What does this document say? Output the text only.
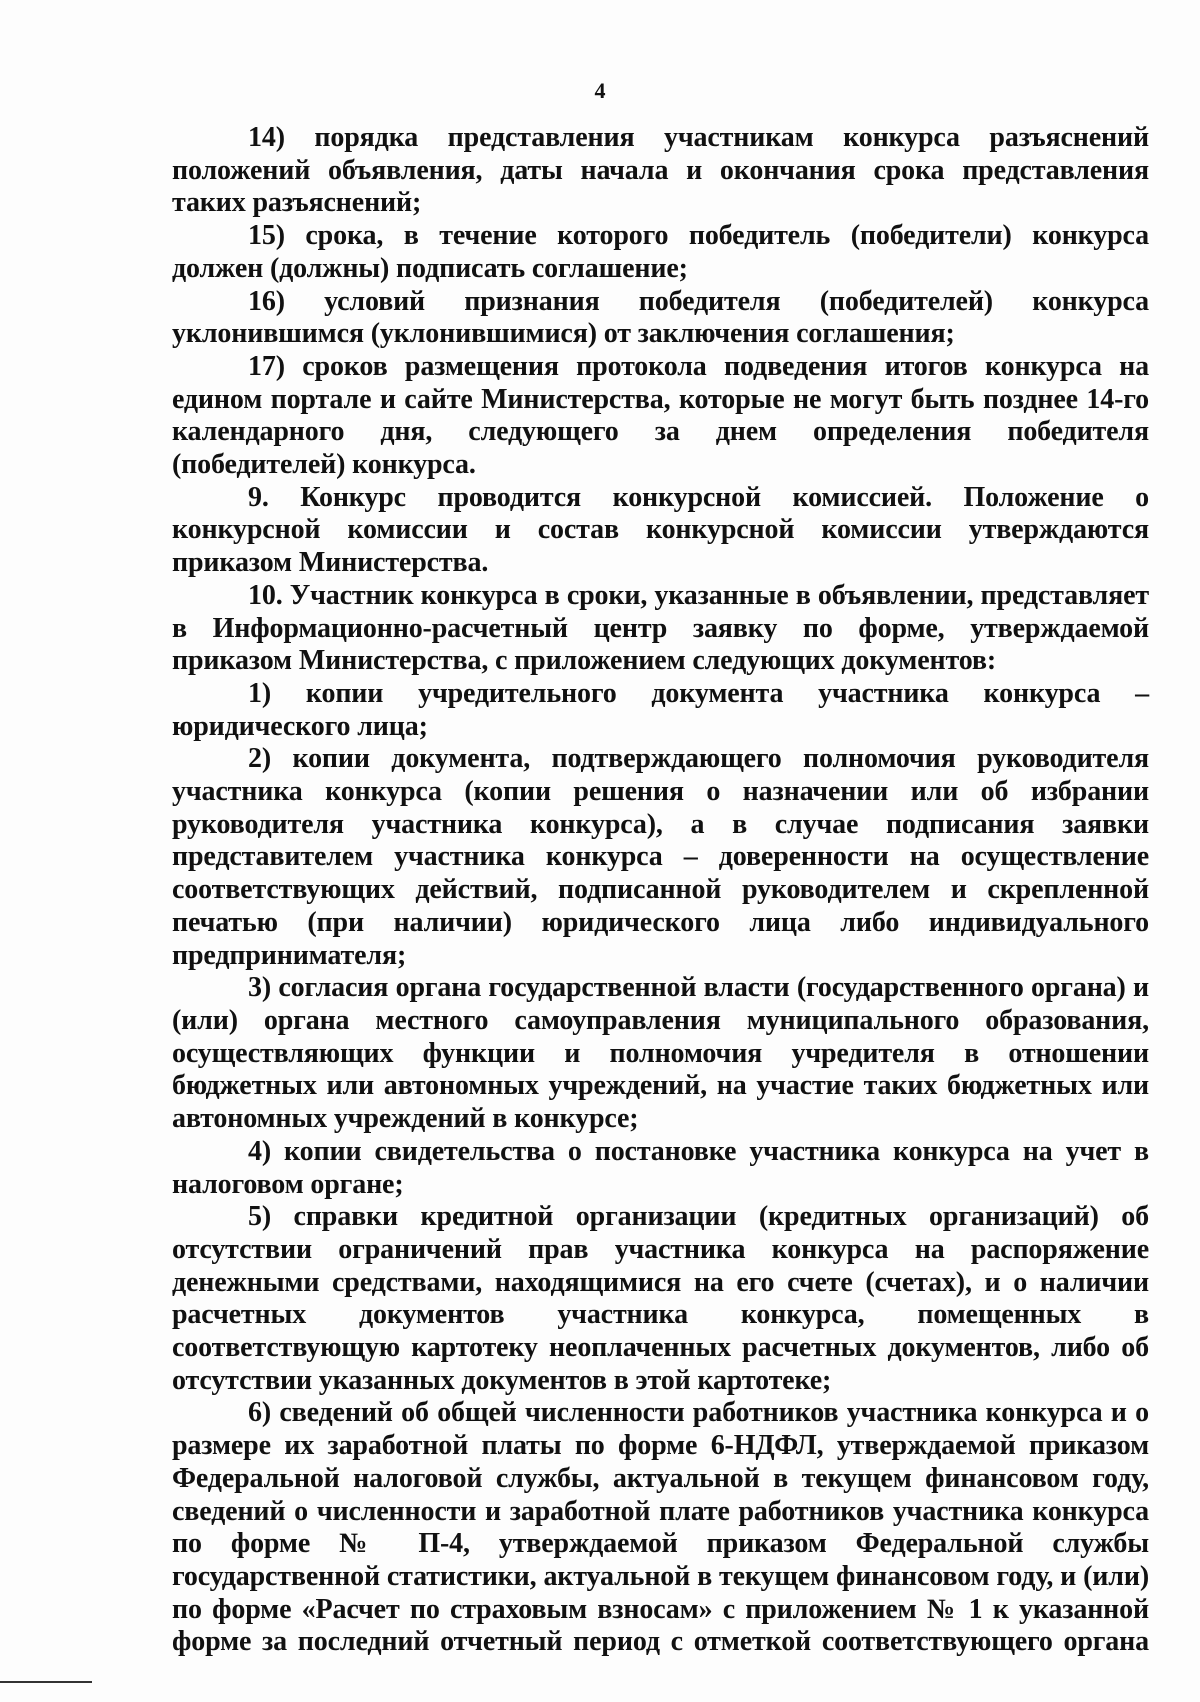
4

14) порядка представления участникам конкурса разъяснений положений объявления, даты начала и окончания срока представления таких разъяснений;

15) срока, в течение которого победитель (победители) конкурса должен (должны) подписать соглашение;

16) условий признания победителя (победителей) конкурса уклонившимся (уклонившимися) от заключения соглашения;

17) сроков размещения протокола подведения итогов конкурса на едином портале и сайте Министерства, которые не могут быть позднее 14-го календарного дня, следующего за днем определения победителя (победителей) конкурса.

9. Конкурс проводится конкурсной комиссией. Положение о конкурсной комиссии и состав конкурсной комиссии утверждаются приказом Министерства.

10. Участник конкурса в сроки, указанные в объявлении, представляет в Информационно-расчетный центр заявку по форме, утверждаемой приказом Министерства, с приложением следующих документов:

1) копии учредительного документа участника конкурса – юридического лица;

2) копии документа, подтверждающего полномочия руководителя участника конкурса (копии решения о назначении или об избрании руководителя участника конкурса), а в случае подписания заявки представителем участника конкурса – доверенности на осуществление соответствующих действий, подписанной руководителем и скрепленной печатью (при наличии) юридического лица либо индивидуального предпринимателя;

3) согласия органа государственной власти (государственного органа) и (или) органа местного самоуправления муниципального образования, осуществляющих функции и полномочия учредителя в отношении бюджетных или автономных учреждений, на участие таких бюджетных или автономных учреждений в конкурсе;

4) копии свидетельства о постановке участника конкурса на учет в налоговом органе;

5) справки кредитной организации (кредитных организаций) об отсутствии ограничений прав участника конкурса на распоряжение денежными средствами, находящимися на его счете (счетах), и о наличии расчетных документов участника конкурса, помещенных в соответствующую картотеку неоплаченных расчетных документов, либо об отсутствии указанных документов в этой картотеке;

6) сведений об общей численности работников участника конкурса и о размере их заработной платы по форме 6-НДФЛ, утверждаемой приказом Федеральной налоговой службы, актуальной в текущем финансовом году, сведений о численности и заработной плате работников участника конкурса по форме № П-4, утверждаемой приказом Федеральной службы государственной статистики, актуальной в текущем финансовом году, и (или) по форме «Расчет по страховым взносам» с приложением № 1 к указанной форме за последний отчетный период с отметкой соответствующего органа
